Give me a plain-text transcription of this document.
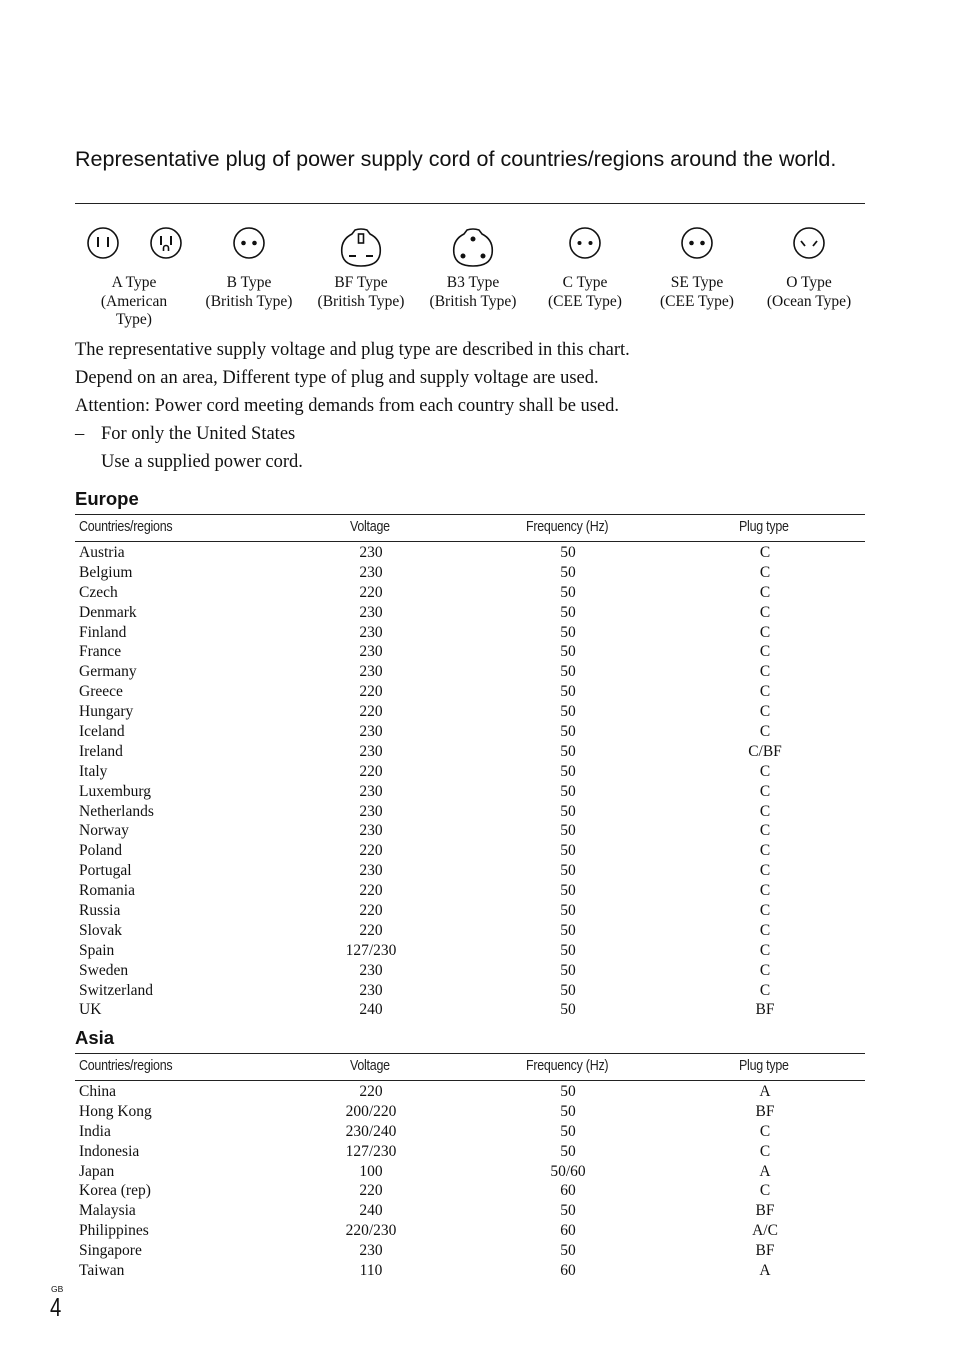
Representative plug of power supply cord of countries/regions around the world.
A Type
(American
Type)
B Type
(British Type)
BF Type
(British Type)
B3 Type
(British Type)
C Type
(CEE Type)
SE Type
(CEE Type)
O Type
(Ocean Type)

The representative supply voltage and plug type are described in this chart.

Depend on an area, Different type of plug and supply voltage are used.

Attention: Power cord meeting demands from each country shall be used.

– For only the United States

Use a supplied power cord.

Europe
Countries/regions	Voltage	Frequency (Hz)	Plug type
Austria	230	50	C
Belgium	230	50	C
Czech	220	50	C
Denmark	230	50	C
Finland	230	50	C
France	230	50	C
Germany	230	50	C
Greece	220	50	C
Hungary	220	50	C
Iceland	230	50	C
Ireland	230	50	C/BF
Italy	220	50	C
Luxemburg	230	50	C
Netherlands	230	50	C
Norway	230	50	C
Poland	220	50	C
Portugal	230	50	C
Romania	220	50	C
Russia	220	50	C
Slovak	220	50	C
Spain	127/230	50	C
Sweden	230	50	C
Switzerland	230	50	C
UK	240	50	BF
Asia
Countries/regions	Voltage	Frequency (Hz)	Plug type
China	220	50	A
Hong Kong	200/220	50	BF
India	230/240	50	C
Indonesia	127/230	50	C
Japan	100	50/60	A
Korea (rep)	220	60	C
Malaysia	240	50	BF
Philippines	220/230	60	A/C
Singapore	230	50	BF
Taiwan	110	60	A
GB
4
